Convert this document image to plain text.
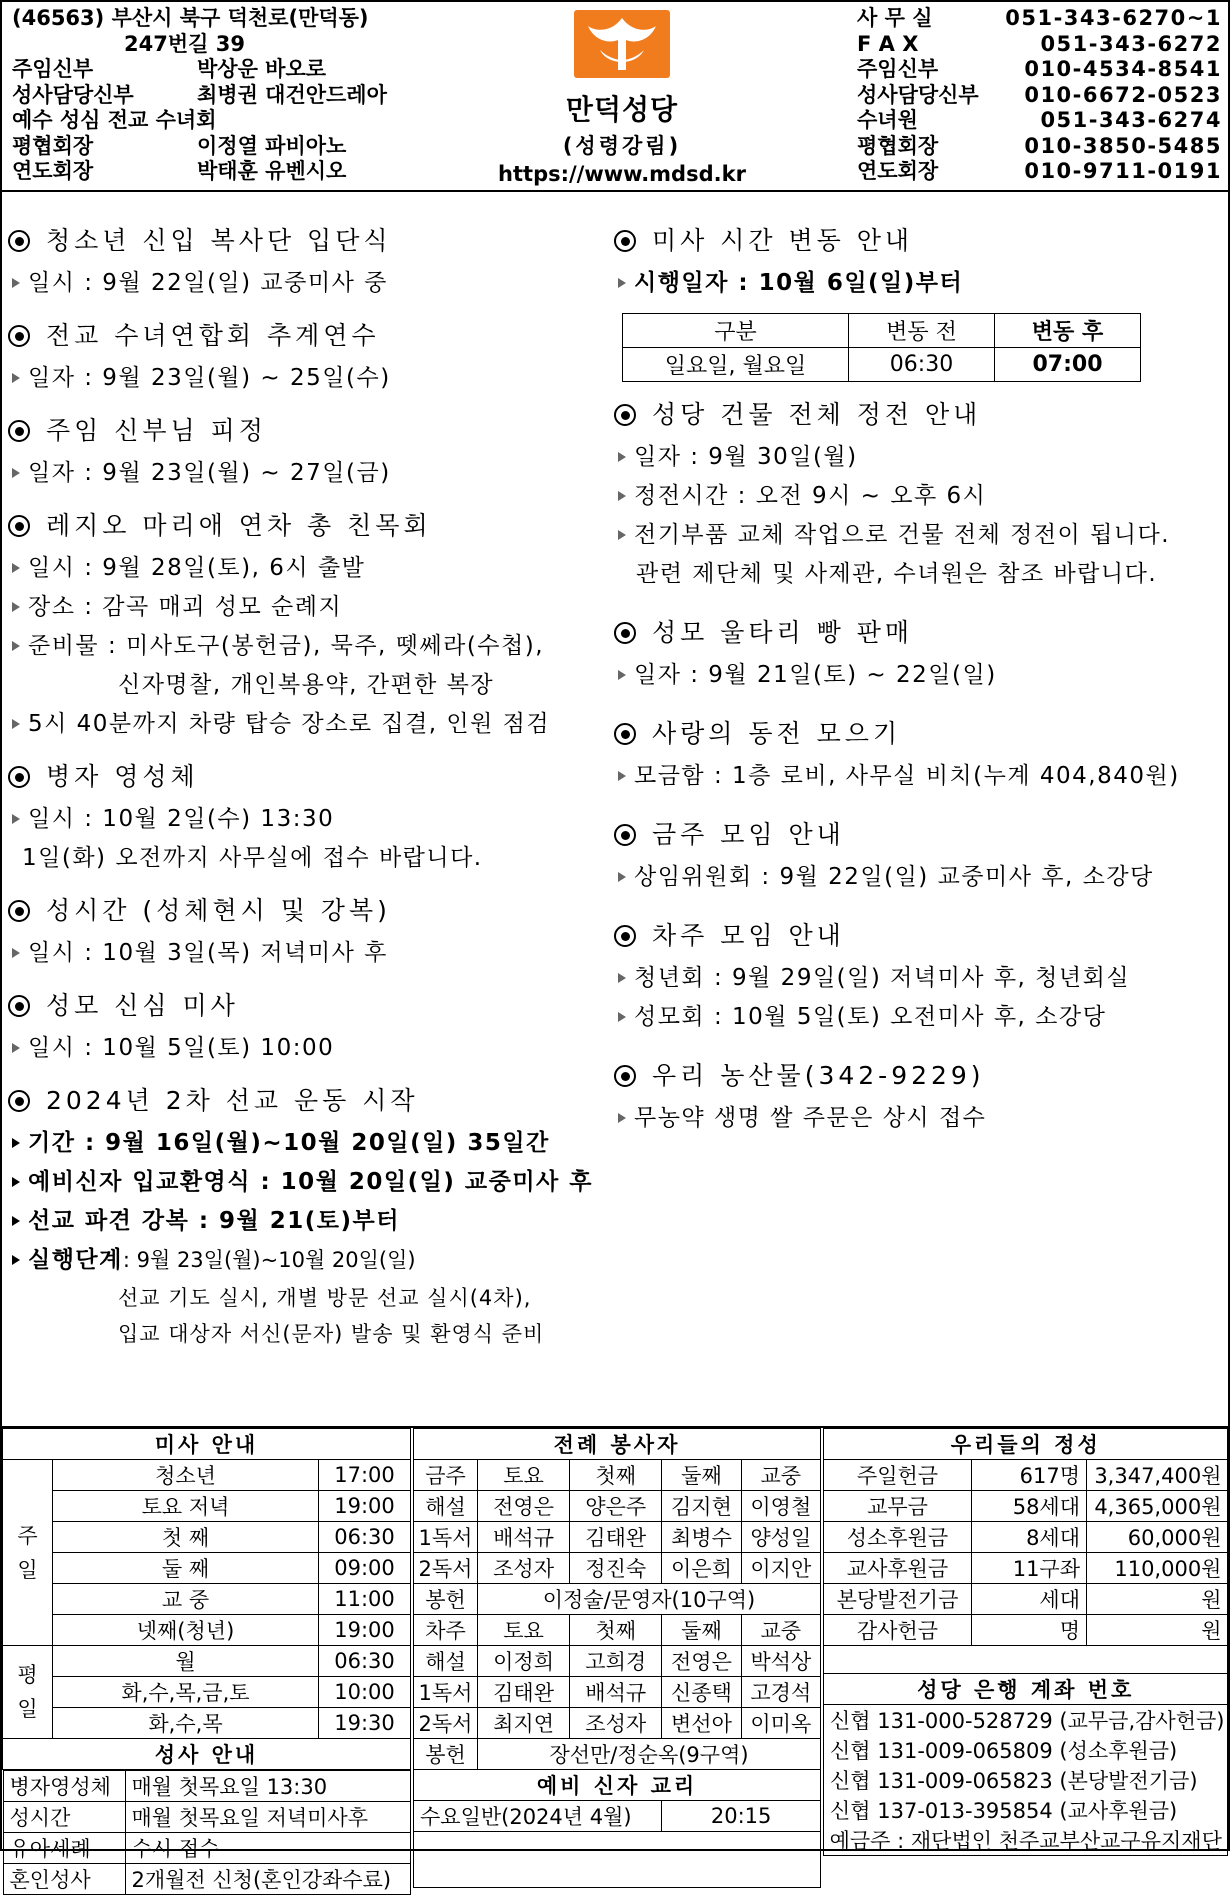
(46563) 부산시 북구 덕천로(만덕동)
247번길 39
주임신부	박상운 바오로
성사담당신부	최병권 대건안드레아
예수 성심 전교 수녀회
평협회장	이정열 파비아노
연도회장	박태훈 유벤시오
만덕성당
(성령강림)
https://www.mdsd.kr
사 무 실	051-343-6270~1
F A X	051-343-6272
주임신부	010-4534-8541
성사담당신부	010-6672-0523
수녀원	051-343-6274
평협회장	010-3850-5485
연도회장	010-9711-0191
청소년 신입 복사단 입단식
일시 : 9월 22일(일) 교중미사 중
전교 수녀연합회 추계연수
일자 : 9월 23일(월) ~ 25일(수)
주임 신부님 피정
일자 : 9월 23일(월) ~ 27일(금)
레지오 마리애 연차 총 친목회
일시 : 9월 28일(토), 6시 출발
장소 : 감곡 매괴 성모 순례지
준비물 : 미사도구(봉헌금), 묵주, 뗏쎄라(수첩),
신자명찰, 개인복용약, 간편한 복장
5시 40분까지 차량 탑승 장소로 집결, 인원 점검
병자 영성체
일시 : 10월 2일(수) 13:30
1일(화) 오전까지 사무실에 접수 바랍니다.
성시간 (성체현시 및 강복)
일시 : 10월 3일(목) 저녁미사 후
성모 신심 미사
일시 : 10월 5일(토) 10:00
2024년 2차 선교 운동 시작
기간 : 9월 16일(월)~10월 20일(일) 35일간
예비신자 입교환영식 : 10월 20일(일) 교중미사 후
선교 파견 강복 : 9월 21(토)부터
실행단계 : 9월 23일(월)~10월 20일(일)
선교 기도 실시, 개별 방문 선교 실시(4차),
입교 대상자 서신(문자) 발송 및 환영식 준비
미사 시간 변동 안내
시행일자 : 10월 6일(일)부터
구분	변동 전	변동 후
일요일, 월요일	06:30	07:00
성당 건물 전체 정전 안내
일자 : 9월 30일(월)
정전시간 : 오전 9시 ~ 오후 6시
전기부품 교체 작업으로 건물 전체 정전이 됩니다.
관련 제단체 및 사제관, 수녀원은 참조 바랍니다.
성모 울타리 빵 판매
일자 : 9월 21일(토) ~ 22일(일)
사랑의 동전 모으기
모금함 : 1층 로비, 사무실 비치(누계 404,840원)
금주 모임 안내
상임위원회 : 9월 22일(일) 교중미사 후, 소강당
차주 모임 안내
청년회 : 9월 29일(일) 저녁미사 후, 청년회실
성모회 : 10월 5일(토) 오전미사 후, 소강당
우리 농산물(342-9229)
무농약 생명 쌀 주문은 상시 접수
미사 안내
주
일	청소년	17:00
토요 저녁	19:00
첫 째	06:30
둘 째	09:00
교 중	11:00
넷째(청년)	19:00
평
일	월	06:30
화,수,목,금,토	10:00
화,수,목	19:30
성사 안내

병자영성체	매월 첫목요일 13:30
성시간	매월 첫목요일 저녁미사후
유아세례	수시 접수
혼인성사	2개월전 신청(혼인강좌수료)
전례 봉사자				
금주	토요	첫째	둘째	교중
해설	전영은	양은주	김지현	이영철
1독서	배석규	김태완	최병수	양성일
2독서	조성자	정진숙	이은희	이지안
봉헌	이정술/문영자(10구역)			
차주	토요	첫째	둘째	교중
해설	이정희	고희경	전영은	박석상
1독서	김태완	배석규	신종택	고경석
2독서	최지연	조성자	변선아	이미옥
봉헌	장선만/정순옥(9구역)			
예비 신자 교리				
수요일반(2024년 4월)			20:15	

우리들의 정성		
주일헌금	617명	3,347,400원
교무금	58세대	4,365,000원
성소후원금	8세대	60,000원
교사후원금	11구좌	110,000원
본당발전기금	세대	원
감사헌금	명	원

성당 은행 계좌 번호		
신협 131-000-528729 (교무금,감사헌금)		
신협 131-009-065809 (성소후원금)		
신협 131-009-065823 (본당발전기금)		
신협 137-013-395854 (교사후원금)		
예금주 : 재단법인 천주교부산교구유지재단		
